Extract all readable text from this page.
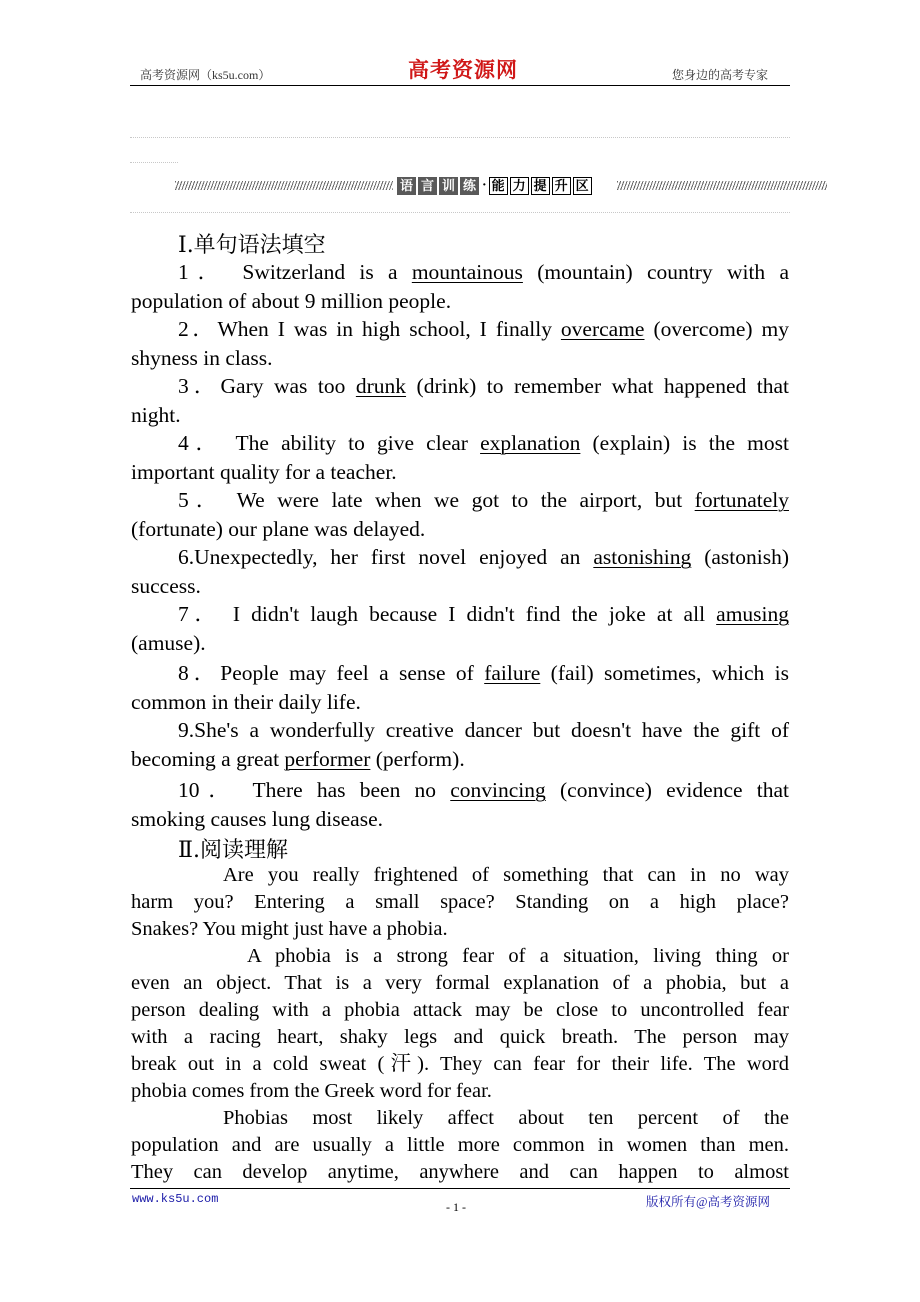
高考资源网（ks5u.com）	高考资源网	您身边的高考专家
语 言 训 练 · 能 力 提 升 区
Ⅰ.单句语法填空
1． Switzerland is a mountainous (mountain) country with a
population of about 9 million people.
2．When I was in high school, I finally overcame (overcome) my
shyness in class.
3．Gary was too drunk (drink) to remember what happened that
night.
4． The ability to give clear explanation (explain) is the most
important quality for a teacher.
5． We were late when we got to the airport, but fortunately
(fortunate) our plane was delayed.
6.Unexpectedly, her first novel enjoyed an astonishing (astonish)
success.
7． I didn't laugh because I didn't find the joke at all amusing
(amuse).
8．People may feel a sense of failure (fail) sometimes, which is
common in their daily life.
9.She's a wonderfully creative dancer but doesn't have the gift of
becoming a great performer (perform).
10． There has been no convincing (convince) evidence that
smoking causes lung disease.
Ⅱ.阅读理解
Are you really frightened of something that can in no way
harm you? Entering a small space? Standing on a high place?
Snakes? You might just have a phobia.
A phobia is a strong fear of a situation, living thing or
even an object. That is a very formal explanation of a phobia, but a
person dealing with a phobia attack may be close to uncontrolled fear
with a racing heart, shaky legs and quick breath. The person may
break out in a cold sweat (汗). They can fear for their life. The word
phobia comes from the Greek word for fear.
Phobias most likely affect about ten percent of the
population and are usually a little more common in women than men.
They can develop anytime, anywhere and can happen to almost
www.ks5u.com
- 1 -	版权所有@高考资源网
